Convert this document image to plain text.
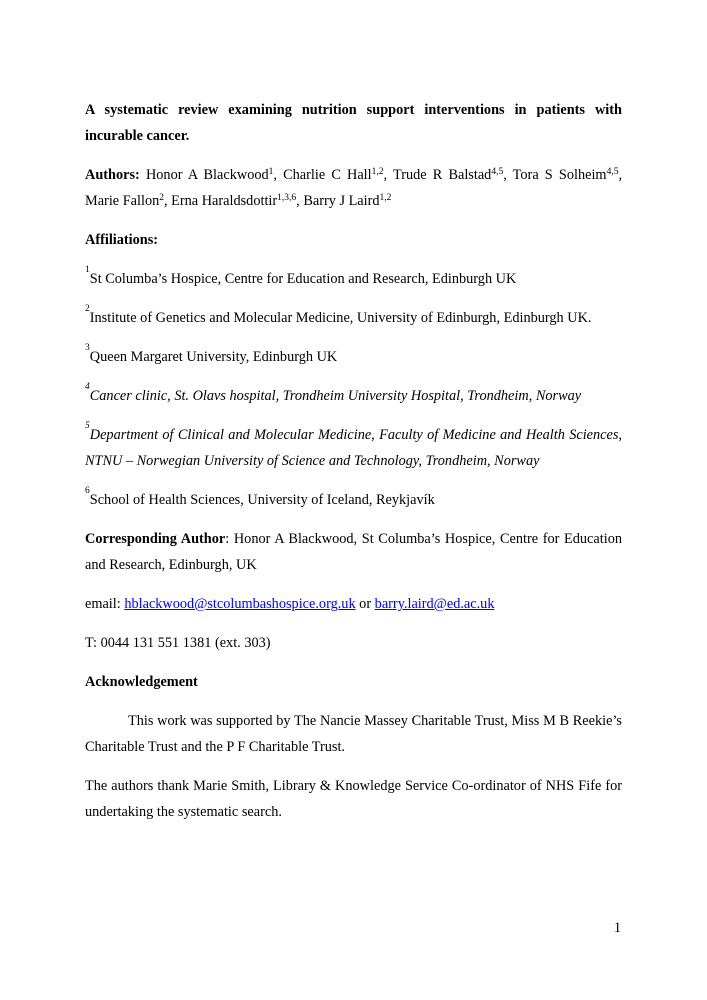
A systematic review examining nutrition support interventions in patients with incurable cancer.

Authors: Honor A Blackwood$^1$, Charlie C Hall$^{1,2}$, Trude R Balstad$^{4,5}$, Tora S Solheim$^{4,5}$, Marie Fallon$^2$, Erna Haraldsdottir$^{1,3,6}$, Barry J Laird$^{1,2}$

Affiliations:

$^1$St Columba’s Hospice, Centre for Education and Research, Edinburgh UK

$^2$Institute of Genetics and Molecular Medicine, University of Edinburgh, Edinburgh UK.

$^3$Queen Margaret University, Edinburgh UK

$^4$Cancer clinic, St. Olavs hospital, Trondheim University Hospital, Trondheim, Norway

$^5$Department of Clinical and Molecular Medicine, Faculty of Medicine and Health Sciences, NTNU – Norwegian University of Science and Technology, Trondheim, Norway

$^6$School of Health Sciences, University of Iceland, Reykjavík

Corresponding Author: Honor A Blackwood, St Columba’s Hospice, Centre for Education and Research, Edinburgh, UK

email: hblackwood@stcolumbashospice.org.uk or barry.laird@ed.ac.uk

T: 0044 131 551 1381 (ext. 303)

Acknowledgement

This work was supported by The Nancie Massey Charitable Trust, Miss M B Reekie’s Charitable Trust and the P F Charitable Trust.

The authors thank Marie Smith, Library & Knowledge Service Co-ordinator of NHS Fife for undertaking the systematic search.

1
